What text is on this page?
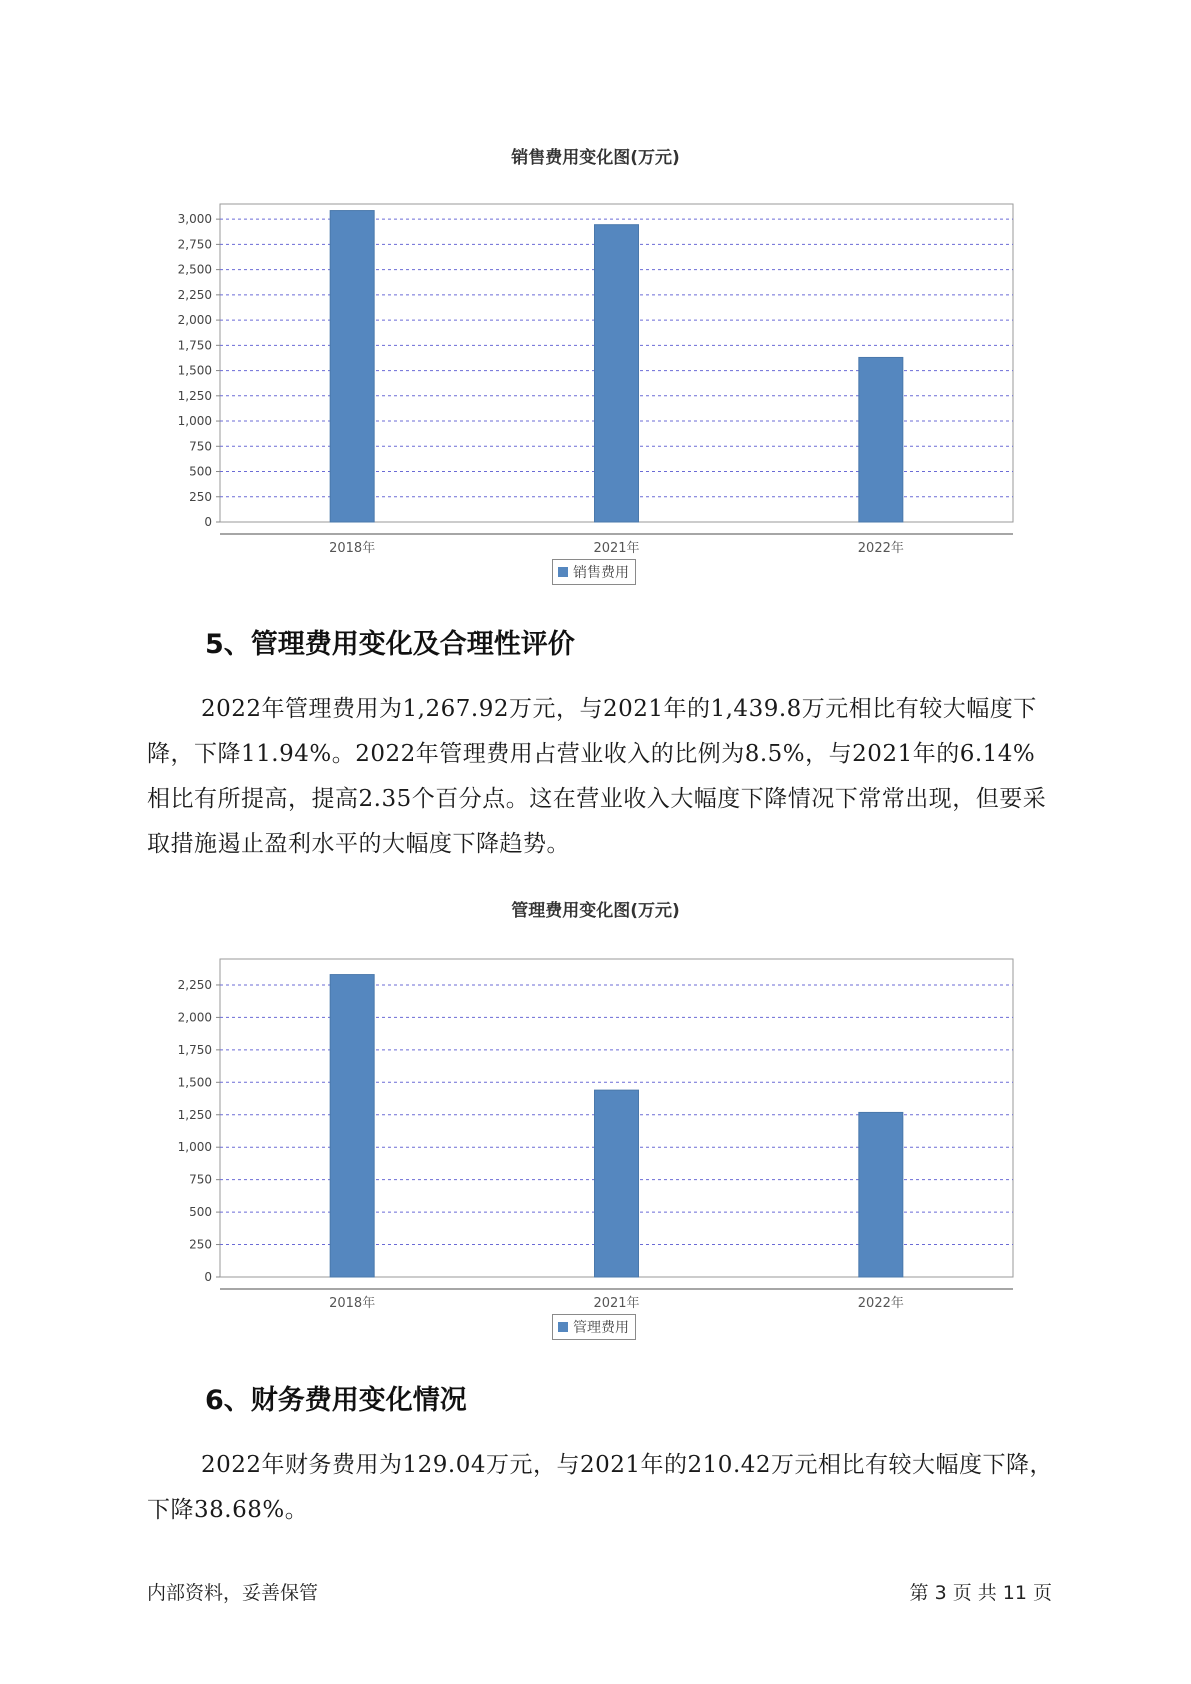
销售费用变化图(万元)
0
250
500
750
1,000
1,250
1,500
1,750
2,000
2,250
2,500
2,750
3,000
2018年	2021年	2022年
销售费用
5、管理费用变化及合理性评价

2022年管理费用为1,267.92万元，与2021年的1,439.8万元相比有较大幅度下降，下降11.94%。2022年管理费用占营业收入的比例为8.5%，与2021年的6.14%相比有所提高，提高2.35个百分点。这在营业收入大幅度下降情况下常常出现，但要采取措施遏止盈利水平的大幅度下降趋势。

管理费用变化图(万元)
0
250
500
750
1,000
1,250
1,500
1,750
2,000
2,250
2018年	2021年	2022年
管理费用
6、财务费用变化情况

2022年财务费用为129.04万元，与2021年的210.42万元相比有较大幅度下降，下降38.68%。

内部资料，妥善保管	第 3 页 共 11 页
